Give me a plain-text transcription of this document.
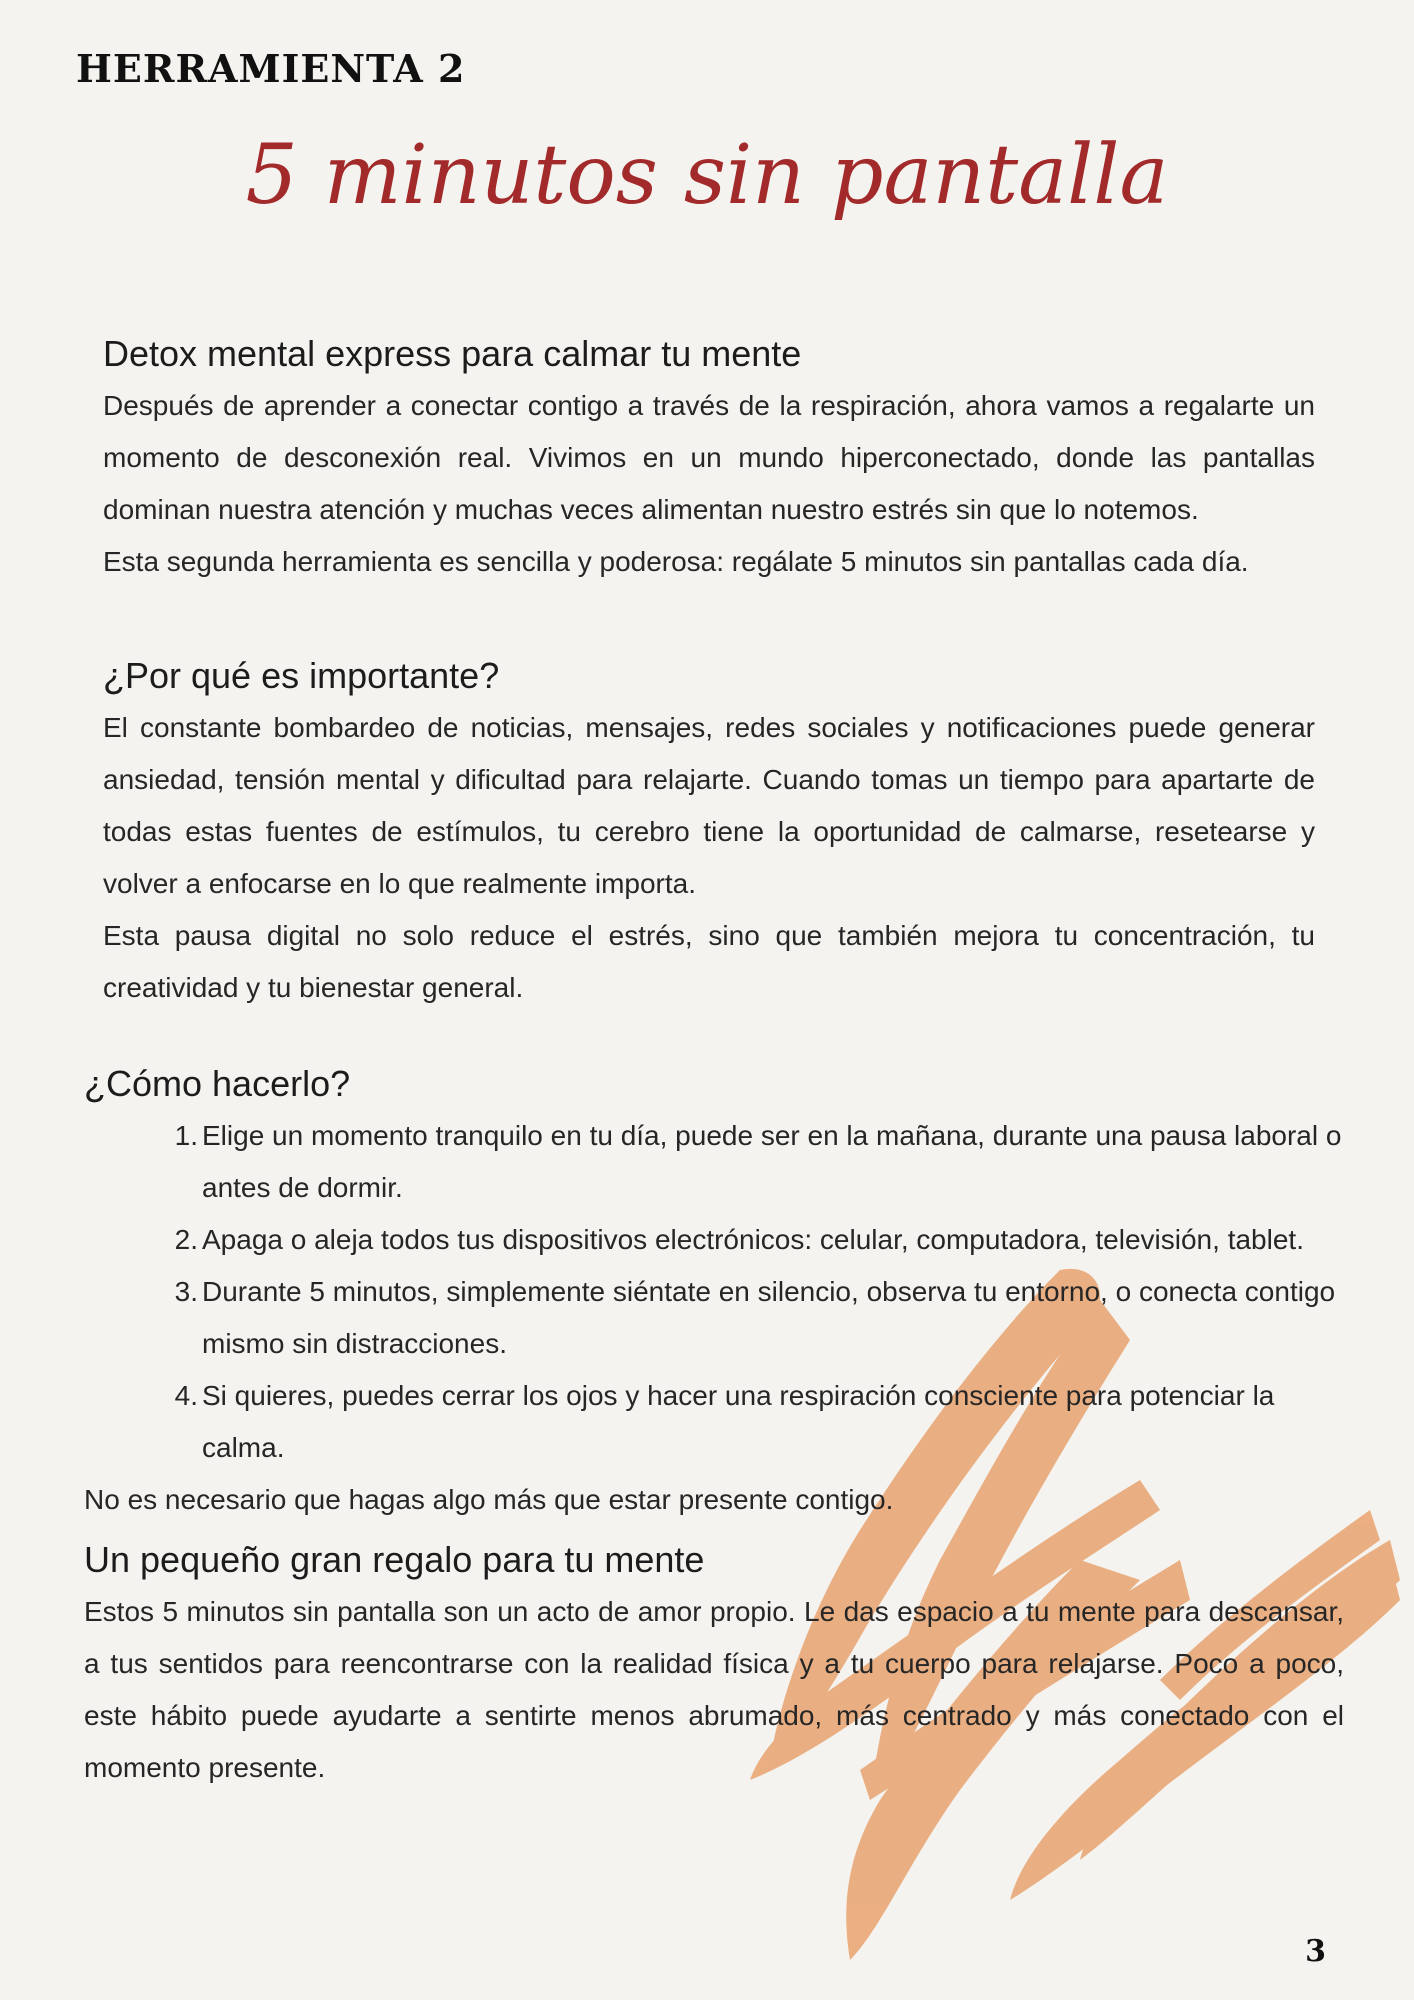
HERRAMIENTA 2
5 minutos sin pantalla
Detox mental express para calmar tu mente

Después de aprender a conectar contigo a través de la respiración, ahora vamos a regalarte un momento de desconexión real. Vivimos en un mundo hiperconectado, donde las pantallas dominan nuestra atención y muchas veces alimentan nuestro estrés sin que lo notemos.

Esta segunda herramienta es sencilla y poderosa: regálate 5 minutos sin pantallas cada día.

¿Por qué es importante?

El constante bombardeo de noticias, mensajes, redes sociales y notificaciones puede generar ansiedad, tensión mental y dificultad para relajarte. Cuando tomas un tiempo para apartarte de todas estas fuentes de estímulos, tu cerebro tiene la oportunidad de calmarse, resetearse y volver a enfocarse en lo que realmente importa.

Esta pausa digital no solo reduce el estrés, sino que también mejora tu concentración, tu creatividad y tu bienestar general.

¿Cómo hacerlo?
1. Elige un momento tranquilo en tu día, puede ser en la mañana, durante una pausa laboral o antes de dormir.
2. Apaga o aleja todos tus dispositivos electrónicos: celular, computadora, televisión, tablet.
3. Durante 5 minutos, simplemente siéntate en silencio, observa tu entorno, o conecta contigo mismo sin distracciones.
4. Si quieres, puedes cerrar los ojos y hacer una respiración consciente para potenciar la calma.

No es necesario que hagas algo más que estar presente contigo.

Un pequeño gran regalo para tu mente

Estos 5 minutos sin pantalla son un acto de amor propio. Le das espacio a tu mente para descansar, a tus sentidos para reencontrarse con la realidad física y a tu cuerpo para relajarse. Poco a poco, este hábito puede ayudarte a sentirte menos abrumado, más centrado y más conectado con el momento presente.

3
